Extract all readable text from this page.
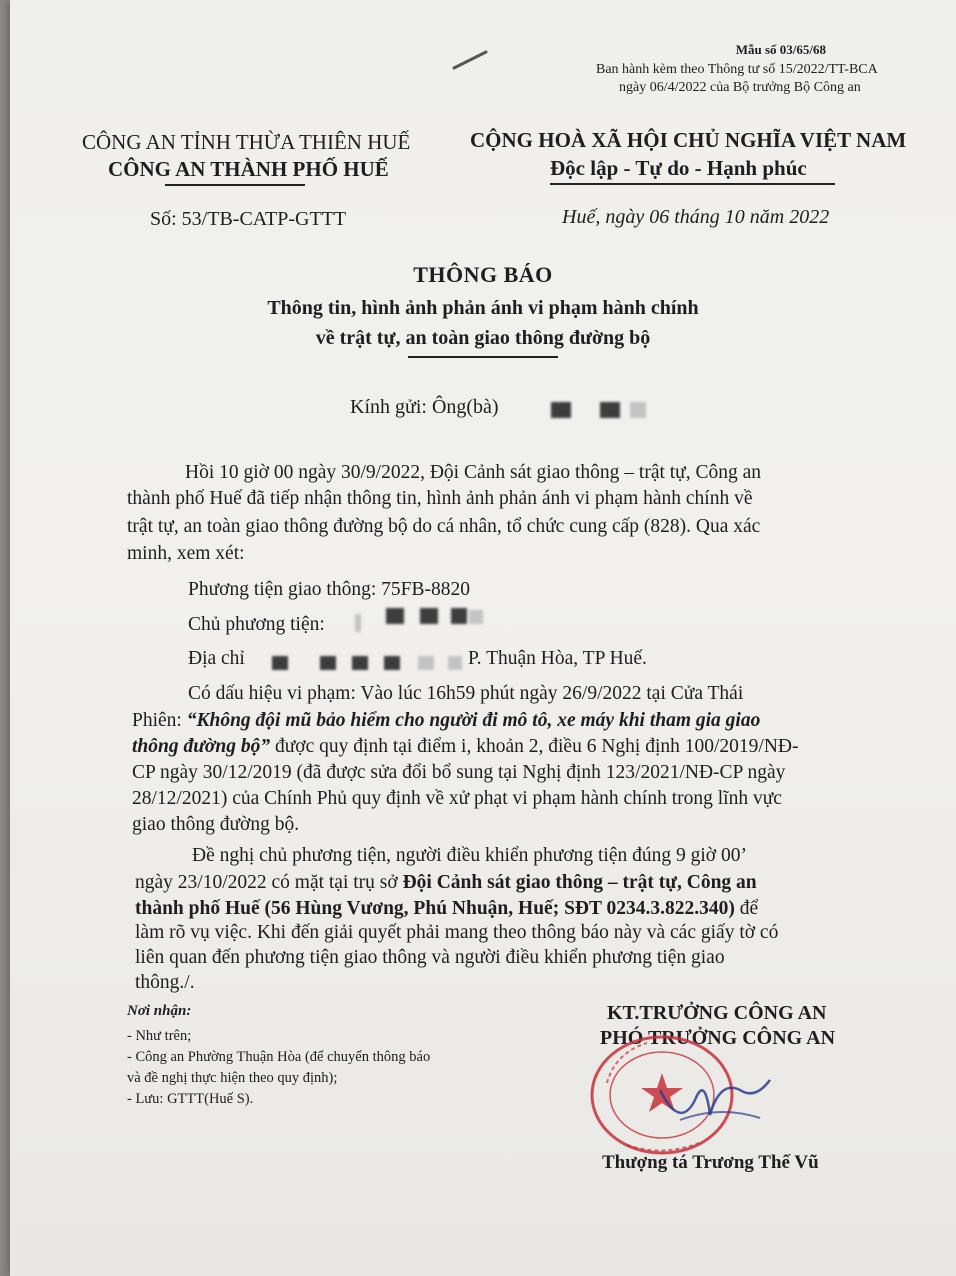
Mẫu số 03/65/68
Ban hành kèm theo Thông tư số 15/2022/TT-BCA
ngày 06/4/2022 của Bộ trưởng Bộ Công an
CÔNG AN TỈNH THỪA THIÊN HUẾ
CÔNG AN THÀNH PHỐ HUẾ
CỘNG HOÀ XÃ HỘI CHỦ NGHĨA VIỆT NAM
Độc lập - Tự do - Hạnh phúc
Số: 53/TB-CATP-GTTT	Huế, ngày 06 tháng 10 năm 2022
THÔNG BÁO
Thông tin, hình ảnh phản ánh vi phạm hành chính
về trật tự, an toàn giao thông đường bộ
Kính gửi: Ông(bà)
Hồi 10 giờ 00 ngày 30/9/2022, Đội Cảnh sát giao thông – trật tự, Công an
thành phố Huế đã tiếp nhận thông tin, hình ảnh phản ánh vi phạm hành chính về
trật tự, an toàn giao thông đường bộ do cá nhân, tổ chức cung cấp (828). Qua xác
minh, xem xét:
Phương tiện giao thông: 75FB-8820
Chủ phương tiện:
Địa chỉ	P. Thuận Hòa, TP Huế.
Có dấu hiệu vi phạm: Vào lúc 16h59 phút ngày 26/9/2022 tại Cửa Thái
Phiên: “Không đội mũ bảo hiểm cho người đi mô tô, xe máy khi tham gia giao
thông đường bộ” được quy định tại điểm i, khoản 2, điều 6 Nghị định 100/2019/NĐ-
CP ngày 30/12/2019 (đã được sửa đổi bổ sung tại Nghị định 123/2021/NĐ-CP ngày
28/12/2021) của Chính Phủ quy định về xử phạt vi phạm hành chính trong lĩnh vực
giao thông đường bộ.
Đề nghị chủ phương tiện, người điều khiển phương tiện đúng 9 giờ 00’
ngày 23/10/2022 có mặt tại trụ sở Đội Cảnh sát giao thông – trật tự, Công an
thành phố Huế (56 Hùng Vương, Phú Nhuận, Huế; SĐT 0234.3.822.340) để
làm rõ vụ việc. Khi đến giải quyết phải mang theo thông báo này và các giấy tờ có
liên quan đến phương tiện giao thông và người điều khiển phương tiện giao
thông./.
Nơi nhận:
- Như trên;
- Công an Phường Thuận Hòa (để chuyển thông báo
và đề nghị thực hiện theo quy định);
- Lưu: GTTT(Huế S).
KT.TRƯỞNG CÔNG AN
PHÓ TRƯỞNG CÔNG AN
Thượng tá Trương Thế Vũ
